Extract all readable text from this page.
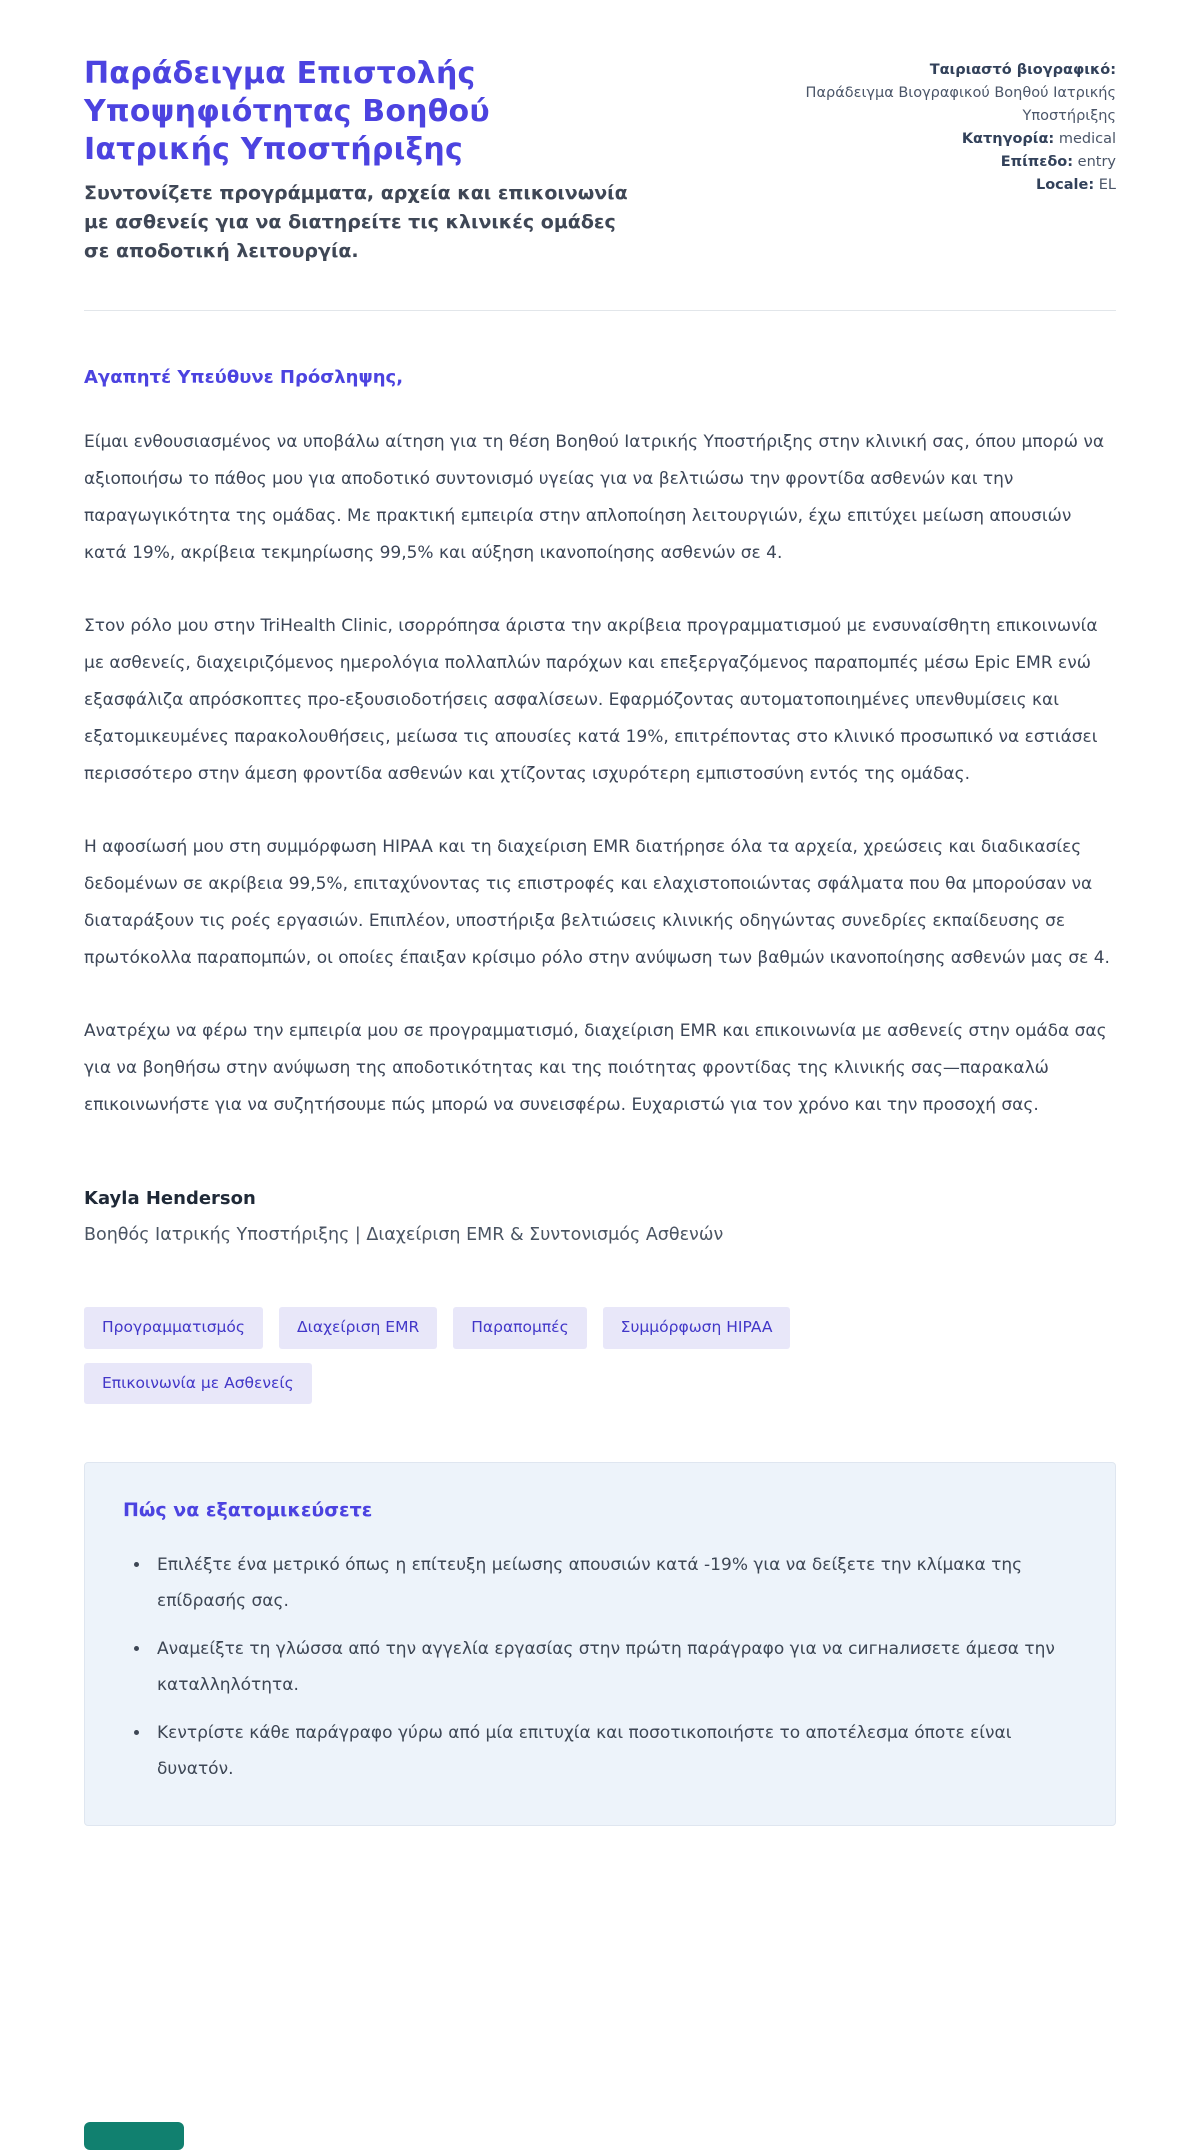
Παράδειγμα Επιστολής Υποψηφιότητας Βοηθού Ιατρικής Υποστήριξης

Συντονίζετε προγράμματα, αρχεία και επικοινωνία με ασθενείς για να διατηρείτε τις κλινικές ομάδες σε αποδοτική λειτουργία.

Ταιριαστό βιογραφικό:
Παράδειγμα Βιογραφικού Βοηθού Ιατρικής Υποστήριξης
Κατηγορία: medical
Επίπεδο: entry
Locale: EL

Αγαπητέ Υπεύθυνε Πρόσληψης,

Είμαι ενθουσιασμένος να υποβάλω αίτηση για τη θέση Βοηθού Ιατρικής Υποστήριξης στην κλινική σας, όπου μπορώ να αξιοποιήσω το πάθος μου για αποδοτικό συντονισμό υγείας για να βελτιώσω την φροντίδα ασθενών και την παραγωγικότητα της ομάδας. Με πρακτική εμπειρία στην απλοποίηση λειτουργιών, έχω επιτύχει μείωση απουσιών κατά 19%, ακρίβεια τεκμηρίωσης 99,5% και αύξηση ικανοποίησης ασθενών σε 4.

Στον ρόλο μου στην TriHealth Clinic, ισορρόπησα άριστα την ακρίβεια προγραμματισμού με ενσυναίσθητη επικοινωνία με ασθενείς, διαχειριζόμενος ημερολόγια πολλαπλών παρόχων και επεξεργαζόμενος παραπομπές μέσω Epic EMR ενώ εξασφάλιζα απρόσκοπτες προ-εξουσιοδοτήσεις ασφαλίσεων. Εφαρμόζοντας αυτοματοποιημένες υπενθυμίσεις και εξατομικευμένες παρακολουθήσεις, μείωσα τις απουσίες κατά 19%, επιτρέποντας στο κλινικό προσωπικό να εστιάσει περισσότερο στην άμεση φροντίδα ασθενών και χτίζοντας ισχυρότερη εμπιστοσύνη εντός της ομάδας.

Η αφοσίωσή μου στη συμμόρφωση HIPAA και τη διαχείριση EMR διατήρησε όλα τα αρχεία, χρεώσεις και διαδικασίες δεδομένων σε ακρίβεια 99,5%, επιταχύνοντας τις επιστροφές και ελαχιστοποιώντας σφάλματα που θα μπορούσαν να διαταράξουν τις ροές εργασιών. Επιπλέον, υποστήριξα βελτιώσεις κλινικής οδηγώντας συνεδρίες εκπαίδευσης σε πρωτόκολλα παραπομπών, οι οποίες έπαιξαν κρίσιμο ρόλο στην ανύψωση των βαθμών ικανοποίησης ασθενών μας σε 4.

Ανατρέχω να φέρω την εμπειρία μου σε προγραμματισμό, διαχείριση EMR και επικοινωνία με ασθενείς στην ομάδα σας για να βοηθήσω στην ανύψωση της αποδοτικότητας και της ποιότητας φροντίδας της κλινικής σας—παρακαλώ επικοινωνήστε για να συζητήσουμε πώς μπορώ να συνεισφέρω. Ευχαριστώ για τον χρόνο και την προσοχή σας.

Kayla Henderson

Βοηθός Ιατρικής Υποστήριξης | Διαχείριση EMR & Συντονισμός Ασθενών

Προγραμματισμός	Διαχείριση EMR	Παραπομπές	Συμμόρφωση HIPAA
Επικοινωνία με Ασθενείς
Πώς να εξατομικεύσετε
• Επιλέξτε ένα μετρικό όπως η επίτευξη μείωσης απουσιών κατά -19% για να δείξετε την κλίμακα της επίδρασής σας.
• Αναμείξτε τη γλώσσα από την αγγελία εργασίας στην πρώτη παράγραφο για να сигналиσετε άμεσα την καταλληλότητα.
• Κεντρίστε κάθε παράγραφο γύρω από μία επιτυχία και ποσοτικοποιήστε το αποτέλεσμα όποτε είναι δυνατόν.
